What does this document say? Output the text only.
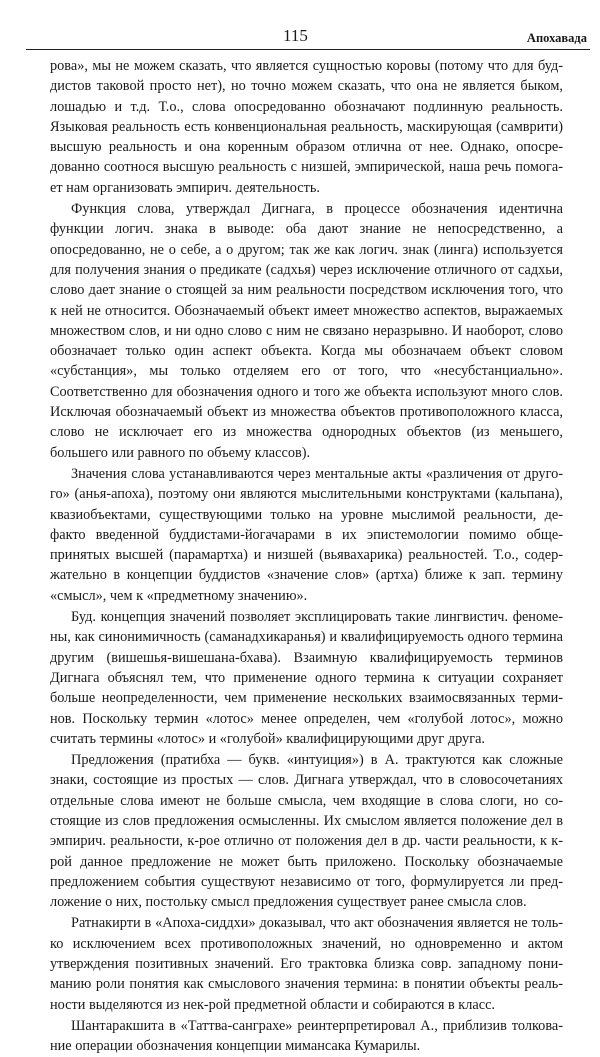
115	Апохавада

рова», мы не можем сказать, что является сущностью коровы (потому что для буддистов таковой просто нет), но точно можем сказать, что она не является быком, лошадью и т.д. Т.о., слова опосредованно обозначают подлинную реальность. Языковая реальность есть конвенциональная реальность, маскирующая (самврити) высшую реальность и она коренным образом отлична от нее. Однако, опосредованно соотнося высшую реальность с низшей, эмпирической, наша речь помогает нам организовать эмпирич. деятельность.

Функция слова, утверждал Дигнага, в процессе обозначения идентична функции логич. знака в выводе: оба дают знание не непосредственно, а опосредованно, не о себе, а о другом; так же как логич. знак (линга) используется для получения знания о предикате (садхья) через исключение отличного от садхьи, слово дает знание о стоящей за ним реальности посредством исключения того, что к ней не относится. Обозначаемый объект имеет множество аспектов, выражаемых множеством слов, и ни одно слово с ним не связано неразрывно. И наоборот, слово обозначает только один аспект объекта. Когда мы обозначаем объект словом «субстанция», мы только отделяем его от того, что «несубстанциально». Соответственно для обозначения одного и того же объекта используют много слов. Исключая обозначаемый объект из множества объектов противоположного класса, слово не исключает его из множества однородных объектов (из меньшего, большего или равного по объему классов).

Значения слова устанавливаются через ментальные акты «различения от другого» (анья-апоха), поэтому они являются мыслительными конструктами (кальпана), квазиобъектами, существующими только на уровне мыслимой реальности, де-факто введенной буддистами-йогачарами в их эпистемологии помимо общепринятых высшей (парамартха) и низшей (вьявахарика) реальностей. Т.о., содержательно в концепции буддистов «значение слов» (артха) ближе к зап. термину «смысл», чем к «предметному значению».

Буд. концепция значений позволяет эксплицировать такие лингвистич. феномены, как синонимичность (саманадхикаранья) и квалифицируемость одного термина другим (вишешья-вишешана-бхава). Взаимную квалифицируемость терминов Дигнага объяснял тем, что применение одного термина к ситуации сохраняет больше неопределенности, чем применение нескольких взаимосвязанных терминов. Поскольку термин «лотос» менее определен, чем «голубой лотос», можно считать термины «лотос» и «голубой» квалифицирующими друг друга.

Предложения (пратибха — букв. «интуиция») в А. трактуются как сложные знаки, состоящие из простых — слов. Дигнага утверждал, что в словосочетаниях отдельные слова имеют не больше смысла, чем входящие в слова слоги, но состоящие из слов предложения осмысленны. Их смыслом является положение дел в эмпирич. реальности, к-рое отлично от положения дел в др. части реальности, к к-рой данное предложение не может быть приложено. Поскольку обозначаемые предложением события существуют независимо от того, формулируется ли предложение о них, постольку смысл предложения существует ранее смысла слов.

Ратнакирти в «Апоха-сиддхи» доказывал, что акт обозначения является не только исключением всех противоположных значений, но одновременно и актом утверждения позитивных значений. Его трактовка близка совр. западному пониманию роли понятия как смыслового значения термина: в понятии объекты реальности выделяются из нек-рой предметной области и собираются в класс.

Шантаракшита в «Таттва-санграхе» реинтерпретировал А., приблизив толкование операции обозначения концепции мимансака Кумарилы.
